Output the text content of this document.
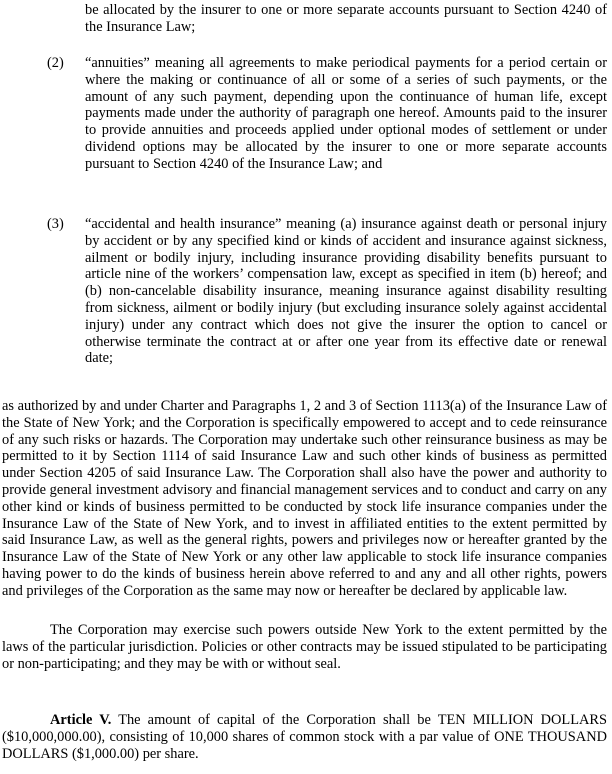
be allocated by the insurer to one or more separate accounts pursuant to Section 4240 of the Insurance Law;
(2)	“annuities” meaning all agreements to make periodical payments for a period certain or where the making or continuance of all or some of a series of such payments, or the amount of any such payment, depending upon the continuance of human life, except payments made under the authority of paragraph one hereof. Amounts paid to the insurer to provide annuities and proceeds applied under optional modes of settlement or under dividend options may be allocated by the insurer to one or more separate accounts pursuant to Section 4240 of the Insurance Law; and
(3)	“accidental and health insurance” meaning (a) insurance against death or personal injury by accident or by any specified kind or kinds of accident and insurance against sickness, ailment or bodily injury, including insurance providing disability benefits pursuant to article nine of the workers’ compensation law, except as specified in item (b) hereof; and (b) non-cancelable disability insurance, meaning insurance against disability resulting from sickness, ailment or bodily injury (but excluding insurance solely against accidental injury) under any contract which does not give the insurer the option to cancel or otherwise terminate the contract at or after one year from its effective date or renewal date;
as authorized by and under Charter and Paragraphs 1, 2 and 3 of Section 1113(a) of the Insurance Law of the State of New York; and the Corporation is specifically empowered to accept and to cede reinsurance of any such risks or hazards. The Corporation may undertake such other reinsurance business as may be permitted to it by Section 1114 of said Insurance Law and such other kinds of business as permitted under Section 4205 of said Insurance Law. The Corporation shall also have the power and authority to provide general investment advisory and financial management services and to conduct and carry on any other kind or kinds of business permitted to be conducted by stock life insurance companies under the Insurance Law of the State of New York, and to invest in affiliated entities to the extent permitted by said Insurance Law, as well as the general rights, powers and privileges now or hereafter granted by the Insurance Law of the State of New York or any other law applicable to stock life insurance companies having power to do the kinds of business herein above referred to and any and all other rights, powers and privileges of the Corporation as the same may now or hereafter be declared by applicable law.
The Corporation may exercise such powers outside New York to the extent permitted by the laws of the particular jurisdiction. Policies or other contracts may be issued stipulated to be participating or non-participating; and they may be with or without seal.
Article V. The amount of capital of the Corporation shall be TEN MILLION DOLLARS ($10,000,000.00), consisting of 10,000 shares of common stock with a par value of ONE THOUSAND DOLLARS ($1,000.00) per share.
